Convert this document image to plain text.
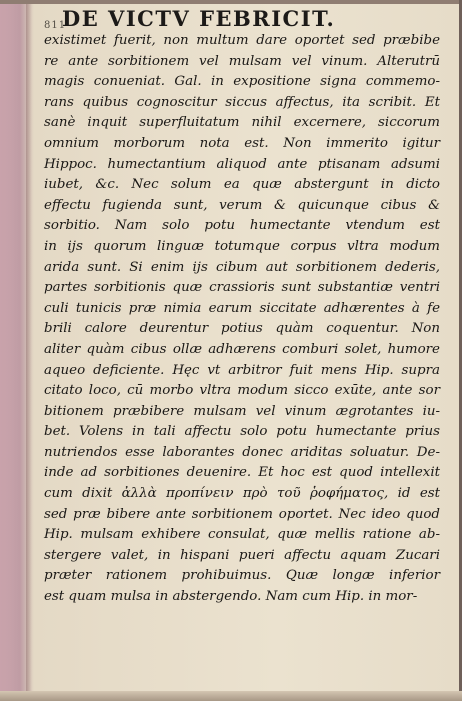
811
DE VICTV FEBRICIT.
existimet fuerit, non multum dare oportet sed præbibe
re ante sorbitionem vel mulsam vel vinum. Alterutrū
magis conueniat. Gal. in expositione signa commemo-
rans quibus cognoscitur siccus affectus, ita scribit. Et
sanè inquit superfluitatum nihil excernere, siccorum
omnium morborum nota est. Non immerito igitur
Hippoc. humectantium aliquod ante ptisanam adsumi
iubet, &c. Nec solum ea quæ abstergunt in dicto
effectu fugienda sunt, verum & quicunque cibus &
sorbitio. Nam solo potu humectante vtendum est
in ijs quorum linguæ totumque corpus vltra modum
arida sunt. Si enim ijs cibum aut sorbitionem dederis,
partes sorbitionis quæ crassioris sunt substantiæ ventri
culi tunicis præ nimia earum siccitate adhærentes à fe
brili calore deurentur potius quàm coquentur. Non
aliter quàm cibus ollæ adhærens comburi solet, humore
aqueo deficiente. Hęc vt arbitror fuit mens Hip. supra
citato loco, cū morbo vltra modum sicco exūte, ante sor
bitionem præbibere mulsam vel vinum ægrotantes iu-
bet. Volens in tali affectu solo potu humectante prius
nutriendos esse laborantes donec ariditas soluatur. De-
inde ad sorbitiones deuenire. Et hoc est quod intellexit
cum dixit ἀλλὰ προπίνειν πρὸ τοῦ ῥοφήματος, id est
sed præ bibere ante sorbitionem oportet. Nec ideo quod
Hip. mulsam exhibere consulat, quæ mellis ratione ab-
stergere valet, in hispani pueri affectu aquam Zucari
præter rationem prohibuimus. Quæ longæ inferior
est quam mulsa in abstergendo. Nam cum Hip. in mor-
